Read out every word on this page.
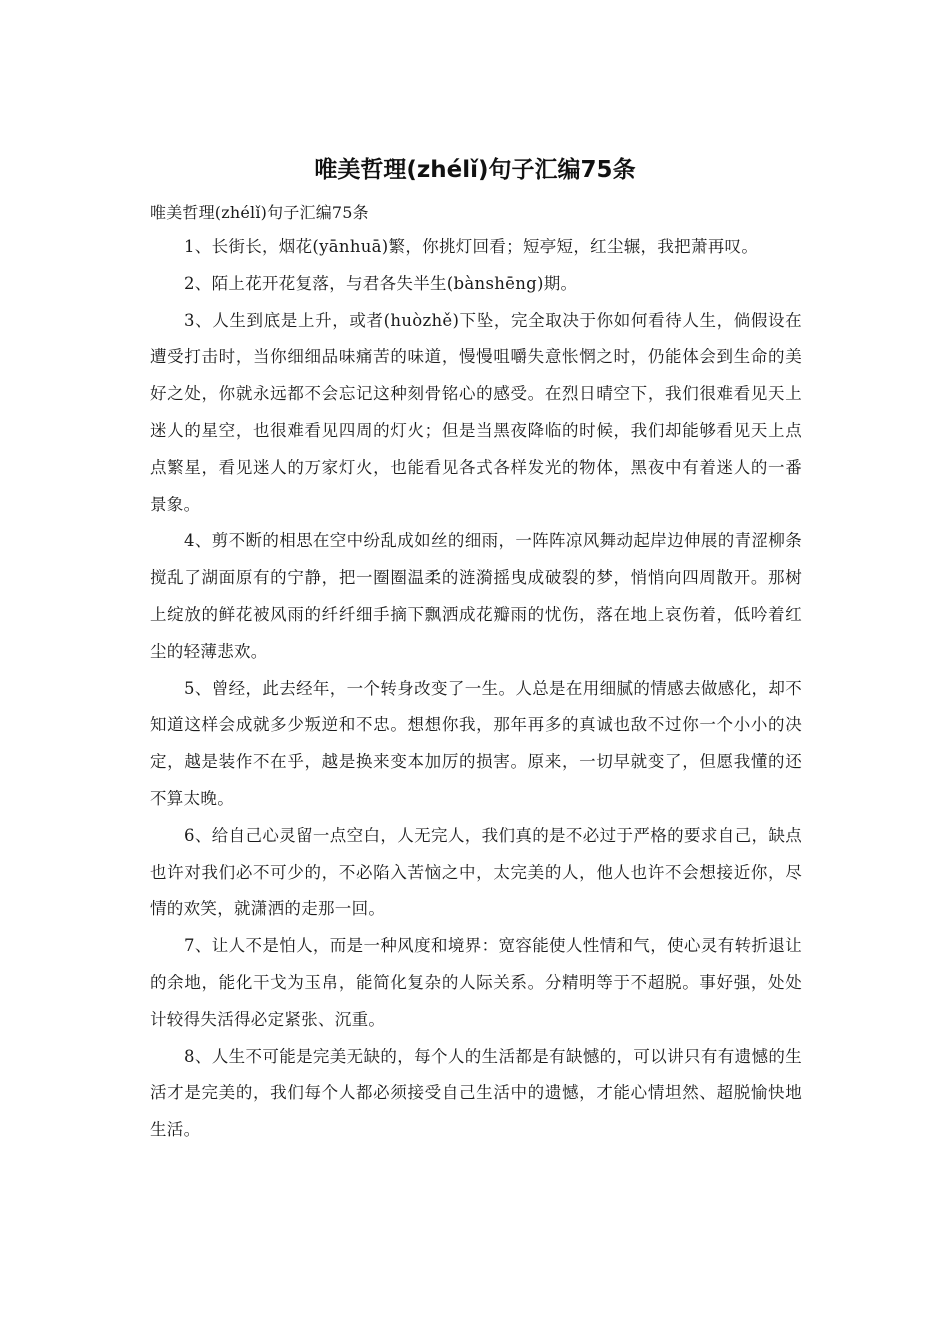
唯美哲理(zhélǐ)句子汇编75条

唯美哲理(zhélǐ)句子汇编75条

1、长街长，烟花(yānhuā)繁，你挑灯回看；短亭短，红尘辗，我把萧再叹。

2、陌上花开花复落，与君各失半生(bànshēng)期。

3、人生到底是上升，或者(huòzhě)下坠，完全取决于你如何看待人生，倘假设在遭受打击时，当你细细品味痛苦的味道，慢慢咀嚼失意怅惘之时，仍能体会到生命的美好之处，你就永远都不会忘记这种刻骨铭心的感受。在烈日晴空下，我们很难看见天上迷人的星空，也很难看见四周的灯火；但是当黑夜降临的时候，我们却能够看见天上点点繁星，看见迷人的万家灯火，也能看见各式各样发光的物体，黑夜中有着迷人的一番景象。

4、剪不断的相思在空中纷乱成如丝的细雨，一阵阵凉风舞动起岸边伸展的青涩柳条搅乱了湖面原有的宁静，把一圈圈温柔的涟漪摇曳成破裂的梦，悄悄向四周散开。那树上绽放的鲜花被风雨的纤纤细手摘下飘洒成花瓣雨的忧伤，落在地上哀伤着，低吟着红尘的轻薄悲欢。

5、曾经，此去经年，一个转身改变了一生。人总是在用细腻的情感去做感化，却不知道这样会成就多少叛逆和不忠。想想你我，那年再多的真诚也敌不过你一个小小的决定，越是装作不在乎，越是换来变本加厉的损害。原来，一切早就变了，但愿我懂的还不算太晚。

6、给自己心灵留一点空白，人无完人，我们真的是不必过于严格的要求自己，缺点也许对我们必不可少的，不必陷入苦恼之中，太完美的人，他人也许不会想接近你，尽情的欢笑，就潇洒的走那一回。

7、让人不是怕人，而是一种风度和境界：宽容能使人性情和气，使心灵有转折退让的余地，能化干戈为玉帛，能简化复杂的人际关系。分精明等于不超脱。事好强，处处计较得失活得必定紧张、沉重。

8、人生不可能是完美无缺的，每个人的生活都是有缺憾的，可以讲只有有遗憾的生活才是完美的，我们每个人都必须接受自己生活中的遗憾，才能心情坦然、超脱愉快地生活。
